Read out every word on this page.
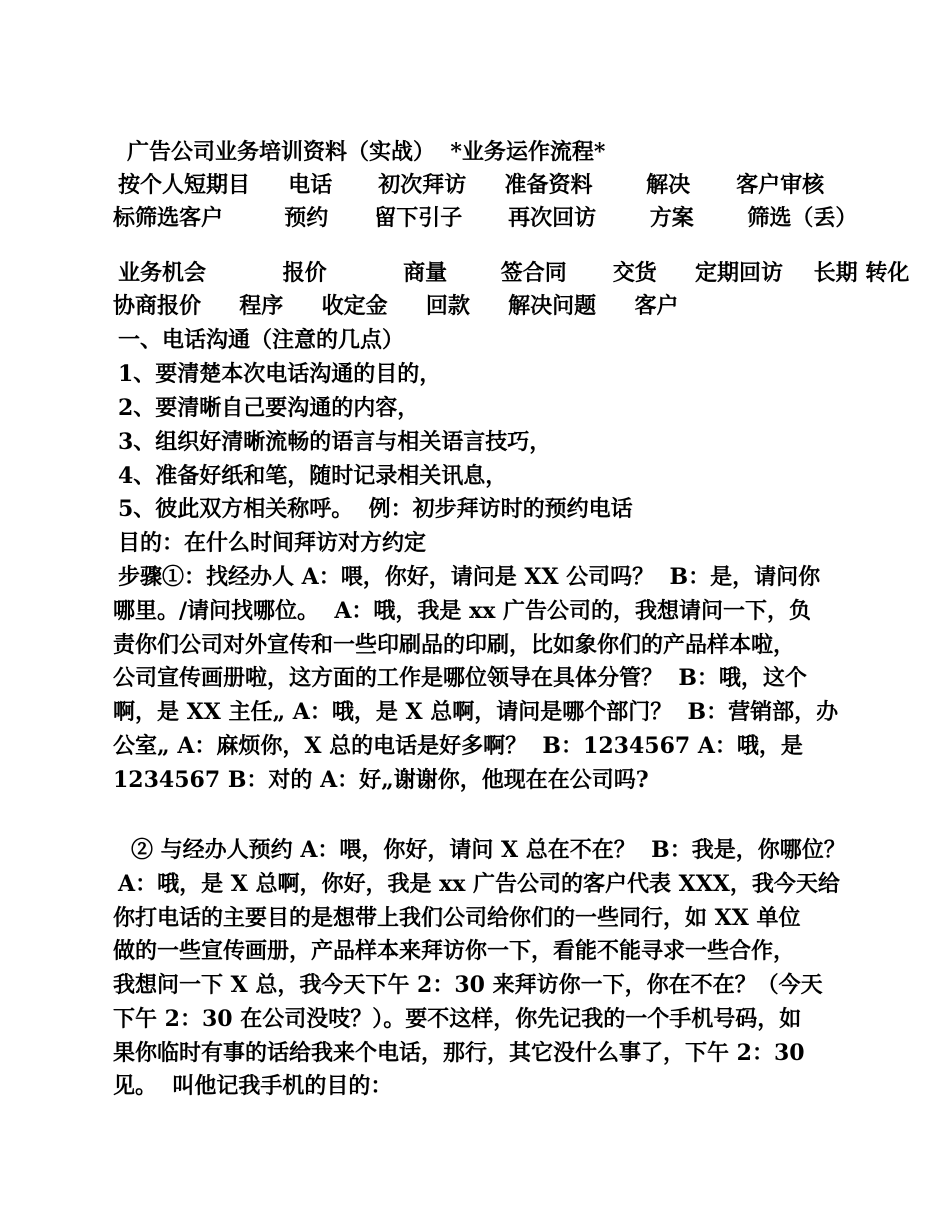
广告公司业务培训资料（实战）  *业务运作流程*
按个人短期目     电话      初次拜访     准备资料       解决      客户审核
标筛选客户        预约      留下引子      再次回访       方案       筛选（丢）
业务机会          报价          商量       签合同      交货     定期回访    长期 转化
协商报价     程序     收定金     回款     解决问题     客户
一、电话沟通（注意的几点）
1、要清楚本次电话沟通的目的，
2、要清晰自己要沟通的内容，
3、组织好清晰流畅的语言与相关语言技巧，
4、准备好纸和笔，随时记录相关讯息，
5、彼此双方相关称呼。  例：初步拜访时的预约电话
目的：在什么时间拜访对方约定
步骤①：找经办人 A：喂，你好，请问是 XX 公司吗？  B：是，请问你
哪里。/请问找哪位。  A：哦，我是 xx 广告公司的，我想请问一下，负
责你们公司对外宣传和一些印刷品的印刷，比如象你们的产品样本啦，
公司宣传画册啦，这方面的工作是哪位领导在具体分管？  B：哦，这个
啊，是 XX 主任„ A：哦，是 X 总啊，请问是哪个部门？  B：营销部，办
公室„ A：麻烦你，X 总的电话是好多啊？  B：1234567 A：哦，是
1234567 B：对的 A：好„谢谢你，他现在在公司吗?
② 与经办人预约 A：喂，你好，请问 X 总在不在？  B：我是，你哪位？
A：哦，是 X 总啊，你好，我是 xx 广告公司的客户代表 XXX，我今天给
你打电话的主要目的是想带上我们公司给你们的一些同行，如 XX 单位
做的一些宣传画册，产品样本来拜访你一下，看能不能寻求一些合作，
我想问一下 X 总，我今天下午 2：30 来拜访你一下，你在不在？（今天
下午 2：30 在公司没吱？）。要不这样，你先记我的一个手机号码，如
果你临时有事的话给我来个电话，那行，其它没什么事了，下午 2：30
见。  叫他记我手机的目的：
